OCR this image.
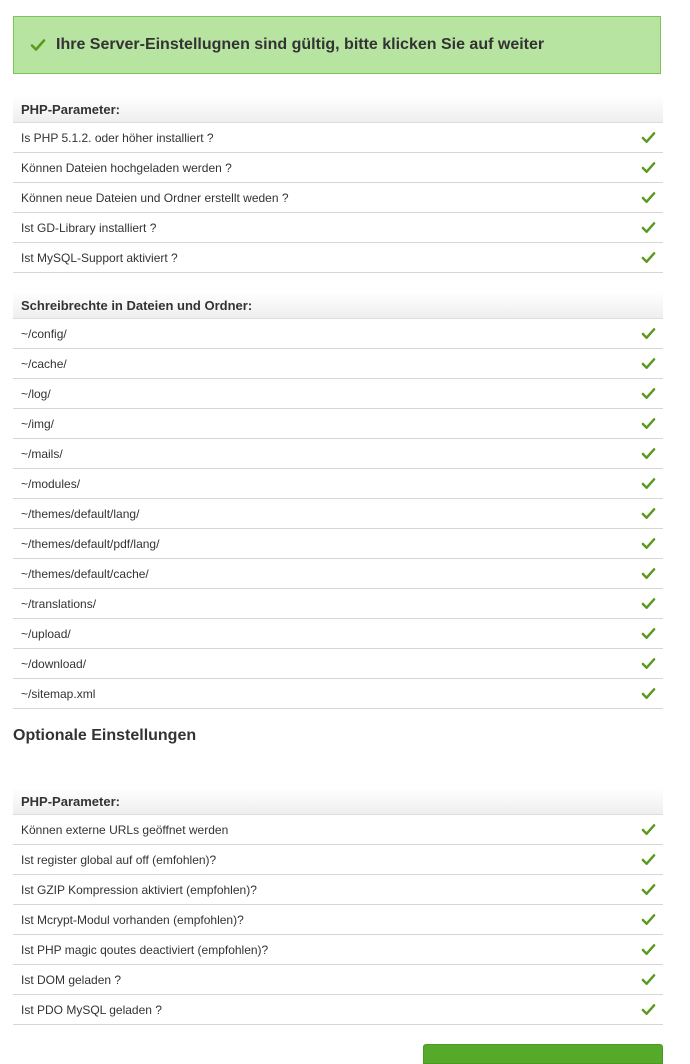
Ihre Server-Einstellugnen sind gültig, bitte klicken Sie auf weiter
PHP-Parameter:
Is PHP 5.1.2. oder höher installiert ?
Können Dateien hochgeladen werden ?
Können neue Dateien und Ordner erstellt weden ?
Ist GD-Library installiert ?
Ist MySQL-Support aktiviert ?
Schreibrechte in Dateien und Ordner:
~/config/
~/cache/
~/log/
~/img/
~/mails/
~/modules/
~/themes/default/lang/
~/themes/default/pdf/lang/
~/themes/default/cache/
~/translations/
~/upload/
~/download/
~/sitemap.xml
Optionale Einstellungen
PHP-Parameter:
Können externe URLs geöffnet werden
Ist register global auf off (emfohlen)?
Ist GZIP Kompression aktiviert (empfohlen)?
Ist Mcrypt-Modul vorhanden (empfohlen)?
Ist PHP magic qoutes deactiviert (empfohlen)?
Ist DOM geladen ?
Ist PDO MySQL geladen ?
